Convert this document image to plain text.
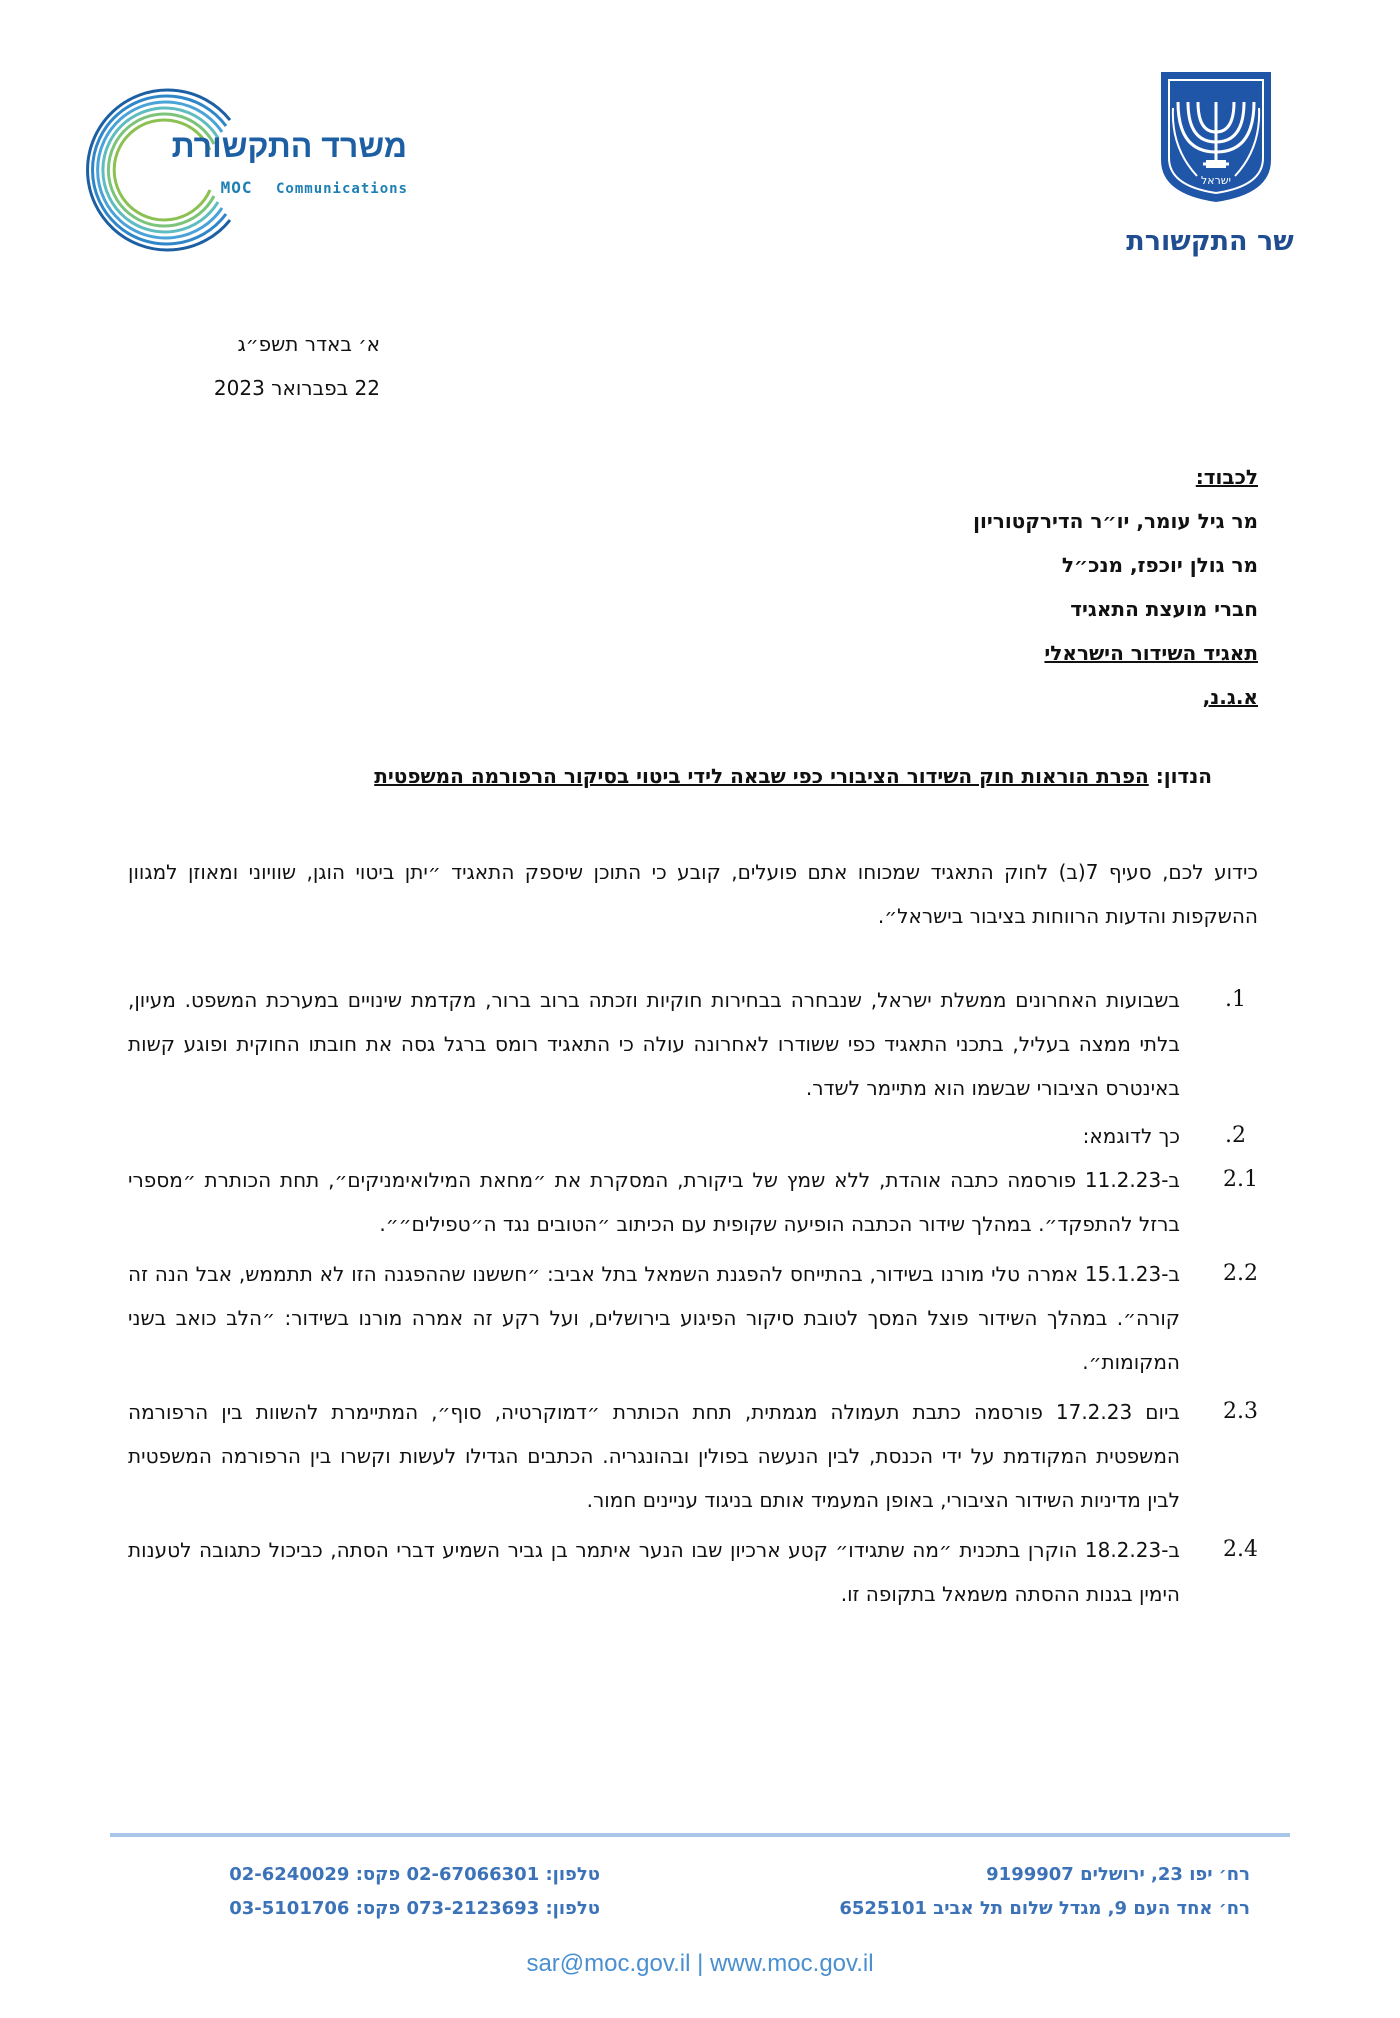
ישראל
שר התקשורת
משרד התקשורת
MOC Communications
א׳ באדר תשפ״ג
22 בפברואר 2023
לכבוד:
מר גיל עומר, יו״ר הדירקטוריון
מר גולן יוכפז, מנכ״ל
חברי מועצת התאגיד
תאגיד השידור הישראלי
א.ג.נ,
הנדון: הפרת הוראות חוק השידור הציבורי כפי שבאה לידי ביטוי בסיקור הרפורמה המשפטית

כידוע לכם, סעיף 7(ב) לחוק התאגיד שמכוחו אתם פועלים, קובע כי התוכן שיספק התאגיד ״יתן ביטוי הוגן, שוויוני ומאוזן למגוון ההשקפות והדעות הרווחות בציבור בישראל״.

1.
בשבועות האחרונים ממשלת ישראל, שנבחרה בבחירות חוקיות וזכתה ברוב ברור, מקדמת שינויים במערכת המשפט. מעיון, בלתי ממצה בעליל, בתכני התאגיד כפי ששודרו לאחרונה עולה כי התאגיד רומס ברגל גסה את חובתו החוקית ופוגע קשות באינטרס הציבורי שבשמו הוא מתיימר לשדר.
2.
כך לדוגמא:
2.1
ב-11.2.23 פורסמה כתבה אוהדת, ללא שמץ של ביקורת, המסקרת את ״מחאת המילואימניקים״, תחת הכותרת ״מספרי ברזל להתפקד״. במהלך שידור הכתבה הופיעה שקופית עם הכיתוב ״הטובים נגד ה״טפילים״״.
2.2
ב-15.1.23 אמרה טלי מורנו בשידור, בהתייחס להפגנת השמאל בתל אביב: ״חששנו שההפגנה הזו לא תתממש, אבל הנה זה קורה״. במהלך השידור פוצל המסך לטובת סיקור הפיגוע בירושלים, ועל רקע זה אמרה מורנו בשידור: ״הלב כואב בשני המקומות״.
2.3
ביום 17.2.23 פורסמה כתבת תעמולה מגמתית, תחת הכותרת ״דמוקרטיה, סוף״, המתיימרת להשוות בין הרפורמה המשפטית המקודמת על ידי הכנסת, לבין הנעשה בפולין ובהונגריה. הכתבים הגדילו לעשות וקשרו בין הרפורמה המשפטית לבין מדיניות השידור הציבורי, באופן המעמיד אותם בניגוד עניינים חמור.
2.4
ב-18.2.23 הוקרן בתכנית ״מה שתגידו״ קטע ארכיון שבו הנער איתמר בן גביר השמיע דברי הסתה, כביכול כתגובה לטענות הימין בגנות ההסתה משמאל בתקופה זו.
רח׳ יפו 23, ירושלים 9199907
רח׳ אחד העם 9, מגדל שלום תל אביב 6525101
טלפון: 02-67066301 פקס: 02-6240029
טלפון: 073-2123693 פקס: 03-5101706
sar@moc.gov.il | www.moc.gov.il
